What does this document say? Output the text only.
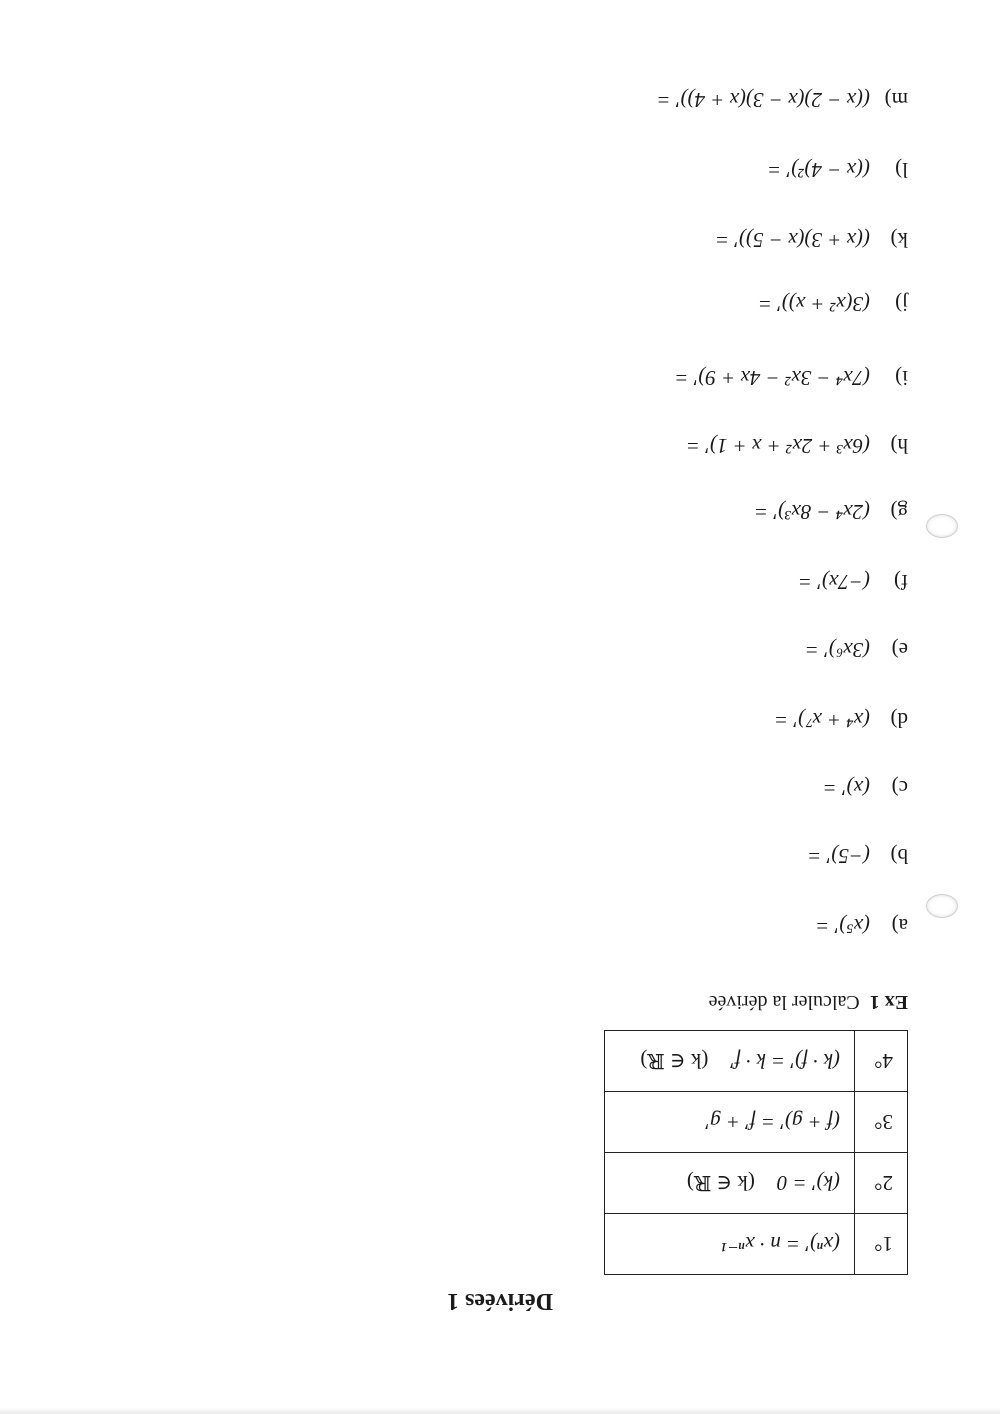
Dérivées 1
1°	(xⁿ)′ = n · xⁿ⁻¹
2°	(k)′ = 0(k ∈ ℝ)
3°	(f + g)′ = f′ + g′
4°	(k · f)′ = k · f′(k ∈ ℝ)

Ex 1  Calculer la dérivée

a)(x⁵)′ =
b)(−5)′ =
c)(x)′ =
d)(x⁴ + x⁷)′ =
e)(3x⁶)′ =
f)(−7x)′ =
g)(2x⁴ − 8x³)′ =
h)(6x³ + 2x² + x + 1)′ =
i)(7x⁴ − 3x² − 4x + 9)′ =
j)(3(x² + x))′ =
k)((x + 3)(x − 5))′ =
l)((x − 4)²)′ =
m)((x − 2)(x − 3)(x + 4))′ =
